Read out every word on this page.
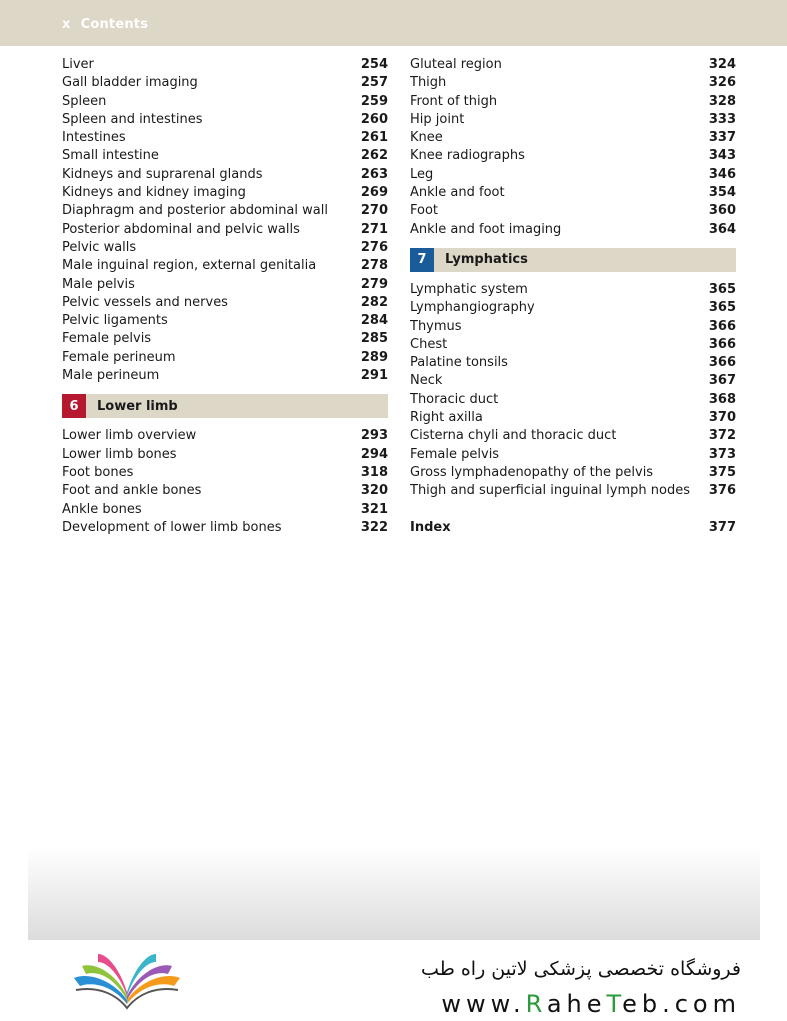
x Contents
Liver	254
Gall bladder imaging	257
Spleen	259
Spleen and intestines	260
Intestines	261
Small intestine	262
Kidneys and suprarenal glands	263
Kidneys and kidney imaging	269
Diaphragm and posterior abdominal wall	270
Posterior abdominal and pelvic walls	271
Pelvic walls	276
Male inguinal region, external genitalia	278
Male pelvis	279
Pelvic vessels and nerves	282
Pelvic ligaments	284
Female pelvis	285
Female perineum	289
Male perineum	291
6	Lower limb
Lower limb overview	293
Lower limb bones	294
Foot bones	318
Foot and ankle bones	320
Ankle bones	321
Development of lower limb bones	322
Gluteal region	324
Thigh	326
Front of thigh	328
Hip joint	333
Knee	337
Knee radiographs	343
Leg	346
Ankle and foot	354
Foot	360
Ankle and foot imaging	364
7	Lymphatics
Lymphatic system	365
Lymphangiography	365
Thymus	366
Chest	366
Palatine tonsils	366
Neck	367
Thoracic duct	368
Right axilla	370
Cisterna chyli and thoracic duct	372
Female pelvis	373
Gross lymphadenopathy of the pelvis	375
Thigh and superficial inguinal lymph nodes 376
Index	377
فروشگاه تخصصی پزشکی لاتین راه طب
www.RaheTeb.com
